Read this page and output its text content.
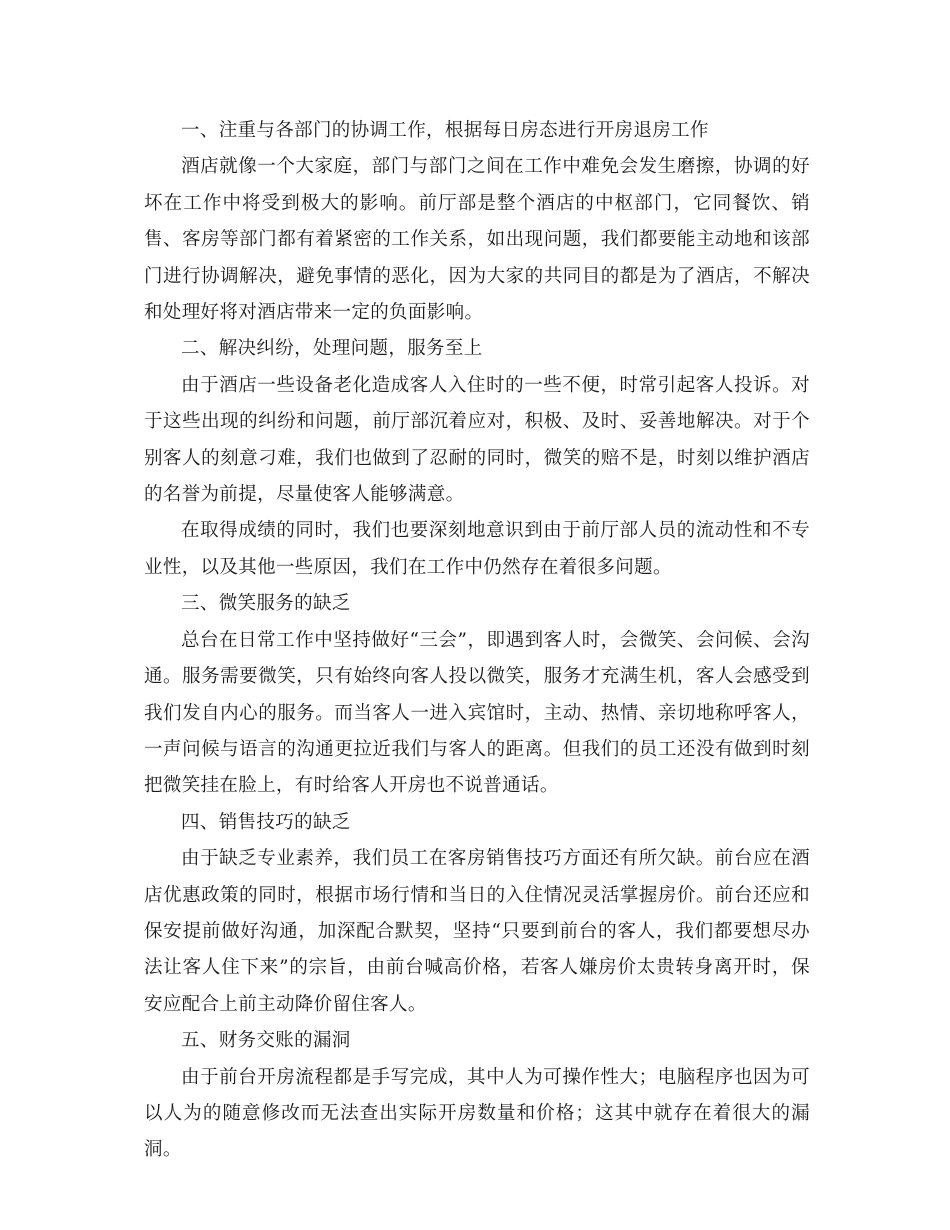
一、注重与各部门的协调工作，根据每日房态进行开房退房工作

酒店就像一个大家庭，部门与部门之间在工作中难免会发生磨擦，协调的好坏在工作中将受到极大的影响。前厅部是整个酒店的中枢部门，它同餐饮、销售、客房等部门都有着紧密的工作关系，如出现问题，我们都要能主动地和该部门进行协调解决，避免事情的恶化，因为大家的共同目的都是为了酒店，不解决和处理好将对酒店带来一定的负面影响。

二、解决纠纷，处理问题，服务至上

由于酒店一些设备老化造成客人入住时的一些不便，时常引起客人投诉。对于这些出现的纠纷和问题，前厅部沉着应对，积极、及时、妥善地解决。对于个别客人的刻意刁难，我们也做到了忍耐的同时，微笑的赔不是，时刻以维护酒店的名誉为前提，尽量使客人能够满意。

在取得成绩的同时，我们也要深刻地意识到由于前厅部人员的流动性和不专业性，以及其他一些原因，我们在工作中仍然存在着很多问题。

三、微笑服务的缺乏

总台在日常工作中坚持做好“三会”，即遇到客人时，会微笑、会问候、会沟通。服务需要微笑，只有始终向客人投以微笑，服务才充满生机，客人会感受到我们发自内心的服务。而当客人一进入宾馆时，主动、热情、亲切地称呼客人，一声问候与语言的沟通更拉近我们与客人的距离。但我们的员工还没有做到时刻把微笑挂在脸上，有时给客人开房也不说普通话。

四、销售技巧的缺乏

由于缺乏专业素养，我们员工在客房销售技巧方面还有所欠缺。前台应在酒店优惠政策的同时，根据市场行情和当日的入住情况灵活掌握房价。前台还应和保安提前做好沟通，加深配合默契，坚持“只要到前台的客人，我们都要想尽办法让客人住下来”的宗旨，由前台喊高价格，若客人嫌房价太贵转身离开时，保安应配合上前主动降价留住客人。

五、财务交账的漏洞

由于前台开房流程都是手写完成，其中人为可操作性大；电脑程序也因为可以人为的随意修改而无法查出实际开房数量和价格；这其中就存在着很大的漏洞。
